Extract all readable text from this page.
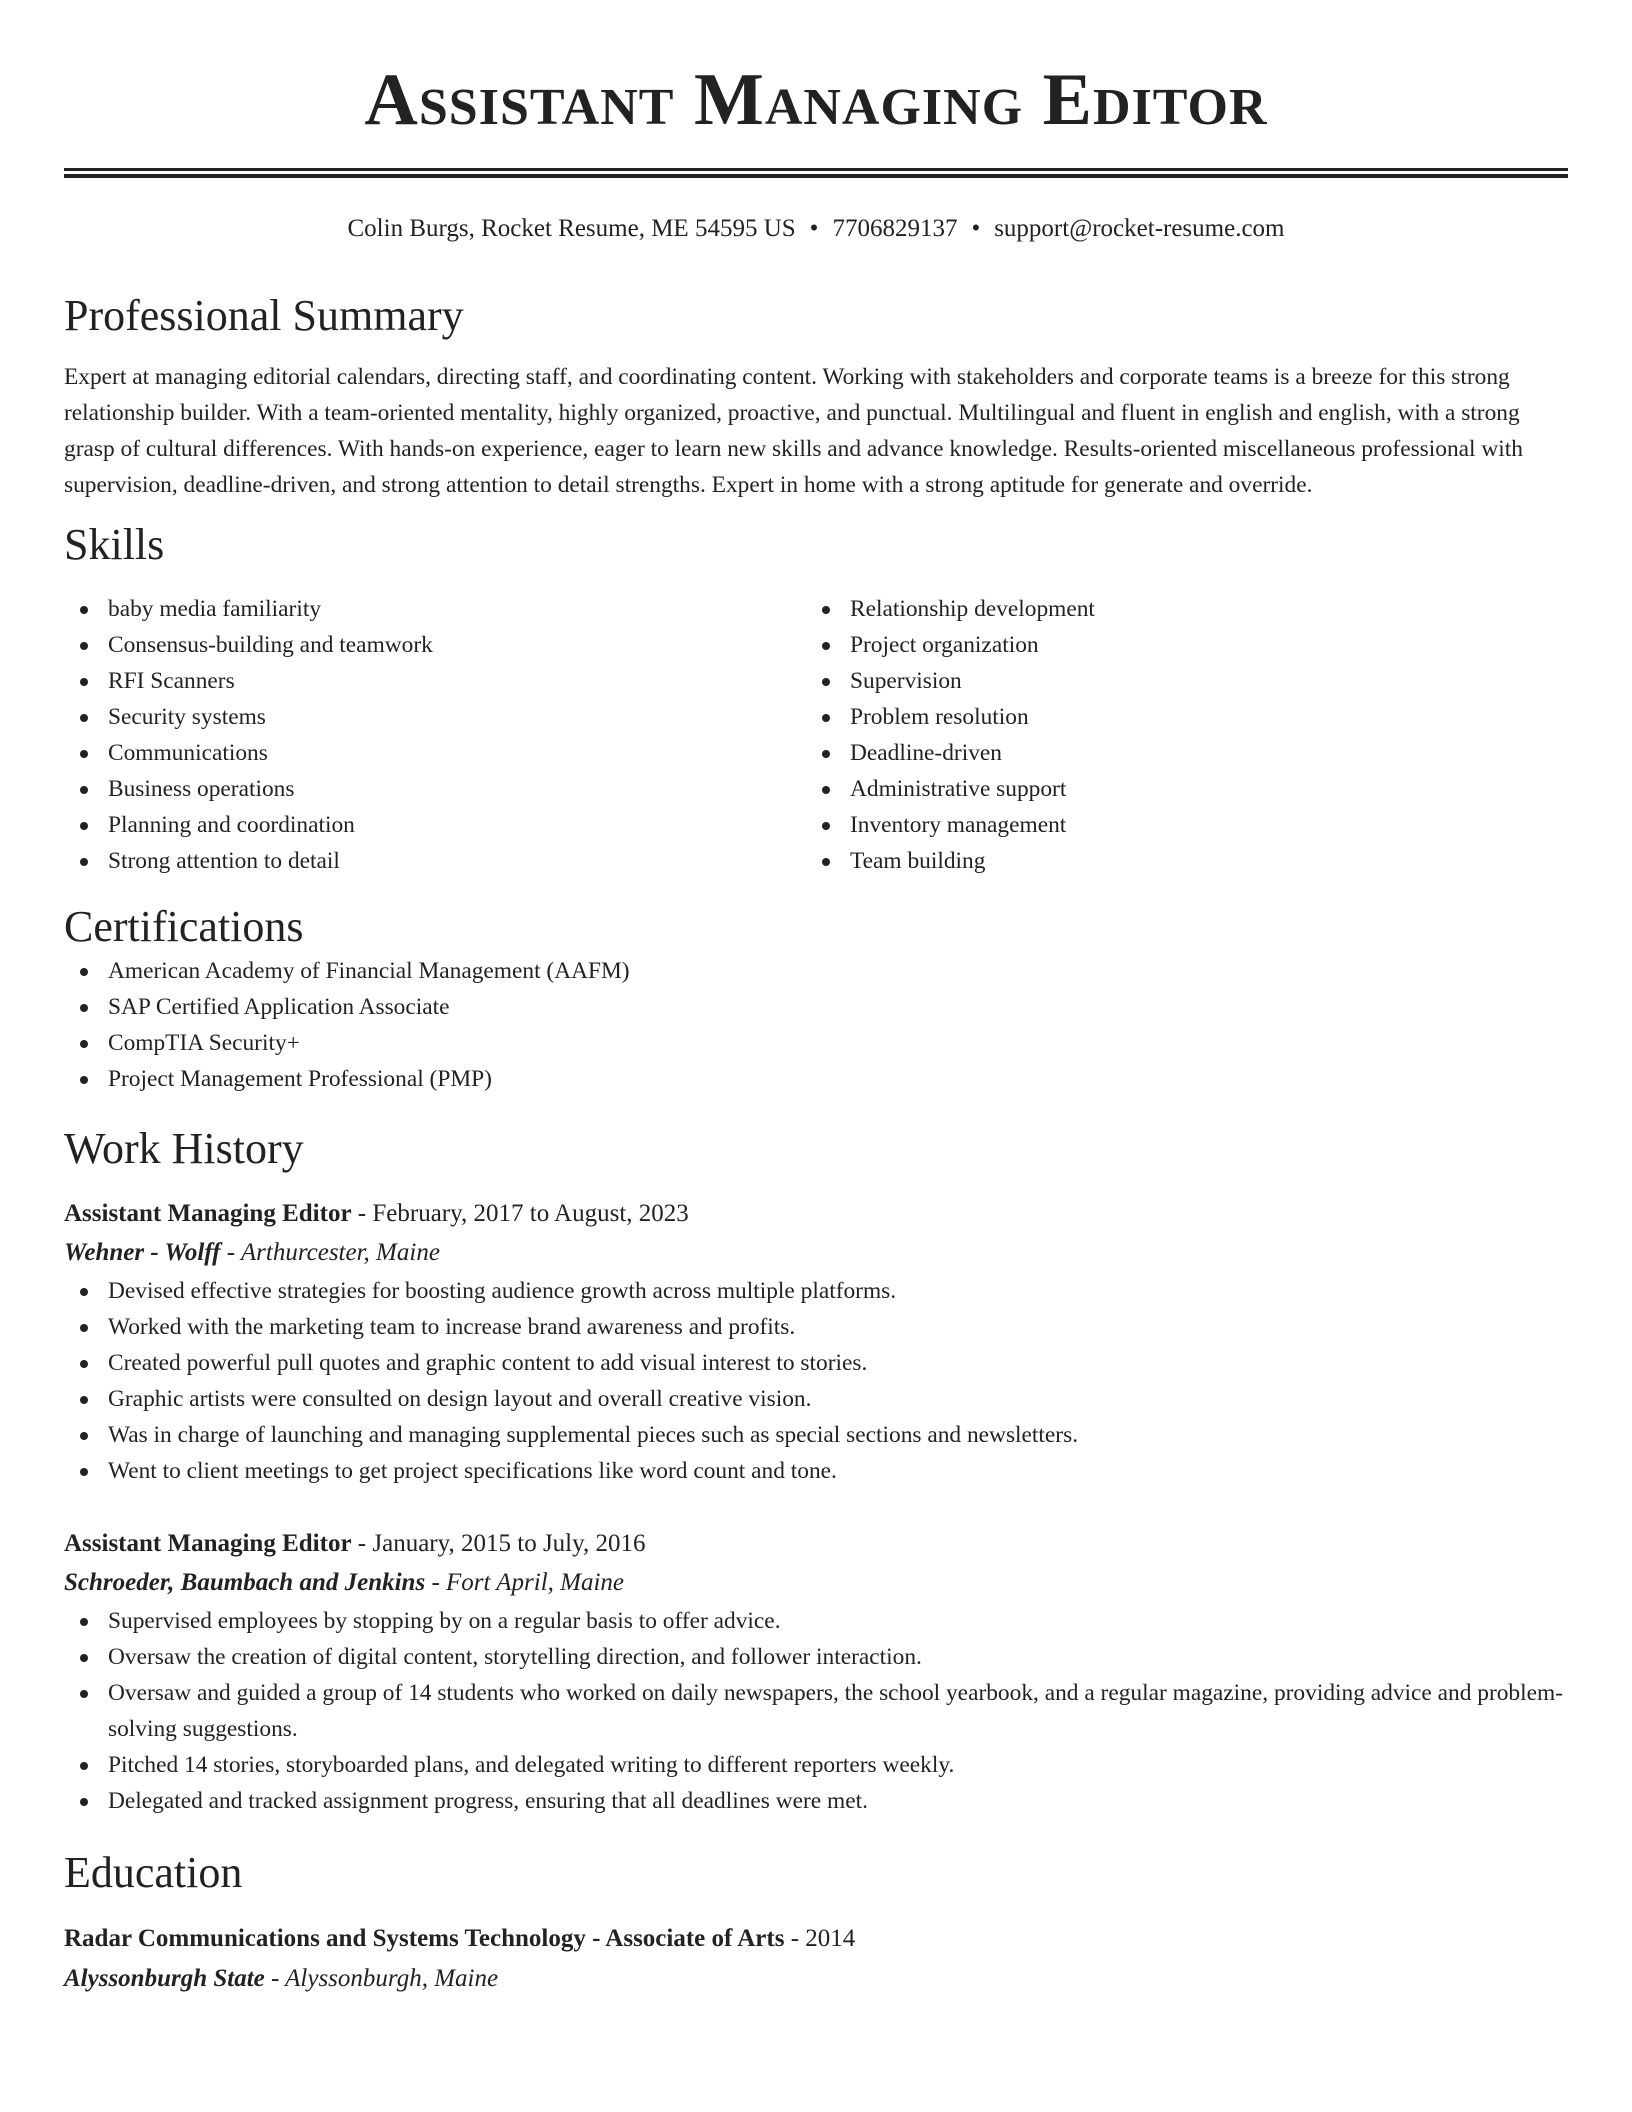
Assistant Managing Editor
Colin Burgs, Rocket Resume, ME 54595 US • 7706829137 • support@rocket-resume.com
Professional Summary
Expert at managing editorial calendars, directing staff, and coordinating content. Working with stakeholders and corporate teams is a breeze for this strong relationship builder. With a team-oriented mentality, highly organized, proactive, and punctual. Multilingual and fluent in english and english, with a strong grasp of cultural differences. With hands-on experience, eager to learn new skills and advance knowledge. Results-oriented miscellaneous professional with supervision, deadline-driven, and strong attention to detail strengths. Expert in home with a strong aptitude for generate and override.
Skills
baby media familiarity
Consensus-building and teamwork
RFI Scanners
Security systems
Communications
Business operations
Planning and coordination
Strong attention to detail
Relationship development
Project organization
Supervision
Problem resolution
Deadline-driven
Administrative support
Inventory management
Team building
Certifications
American Academy of Financial Management (AAFM)
SAP Certified Application Associate
CompTIA Security+
Project Management Professional (PMP)
Work History
Assistant Managing Editor - February, 2017 to August, 2023
Wehner - Wolff - Arthurcester, Maine
Devised effective strategies for boosting audience growth across multiple platforms.
Worked with the marketing team to increase brand awareness and profits.
Created powerful pull quotes and graphic content to add visual interest to stories.
Graphic artists were consulted on design layout and overall creative vision.
Was in charge of launching and managing supplemental pieces such as special sections and newsletters.
Went to client meetings to get project specifications like word count and tone.
Assistant Managing Editor - January, 2015 to July, 2016
Schroeder, Baumbach and Jenkins - Fort April, Maine
Supervised employees by stopping by on a regular basis to offer advice.
Oversaw the creation of digital content, storytelling direction, and follower interaction.
Oversaw and guided a group of 14 students who worked on daily newspapers, the school yearbook, and a regular magazine, providing advice and problem-solving suggestions.
Pitched 14 stories, storyboarded plans, and delegated writing to different reporters weekly.
Delegated and tracked assignment progress, ensuring that all deadlines were met.
Education
Radar Communications and Systems Technology - Associate of Arts - 2014
Alyssonburgh State - Alyssonburgh, Maine
